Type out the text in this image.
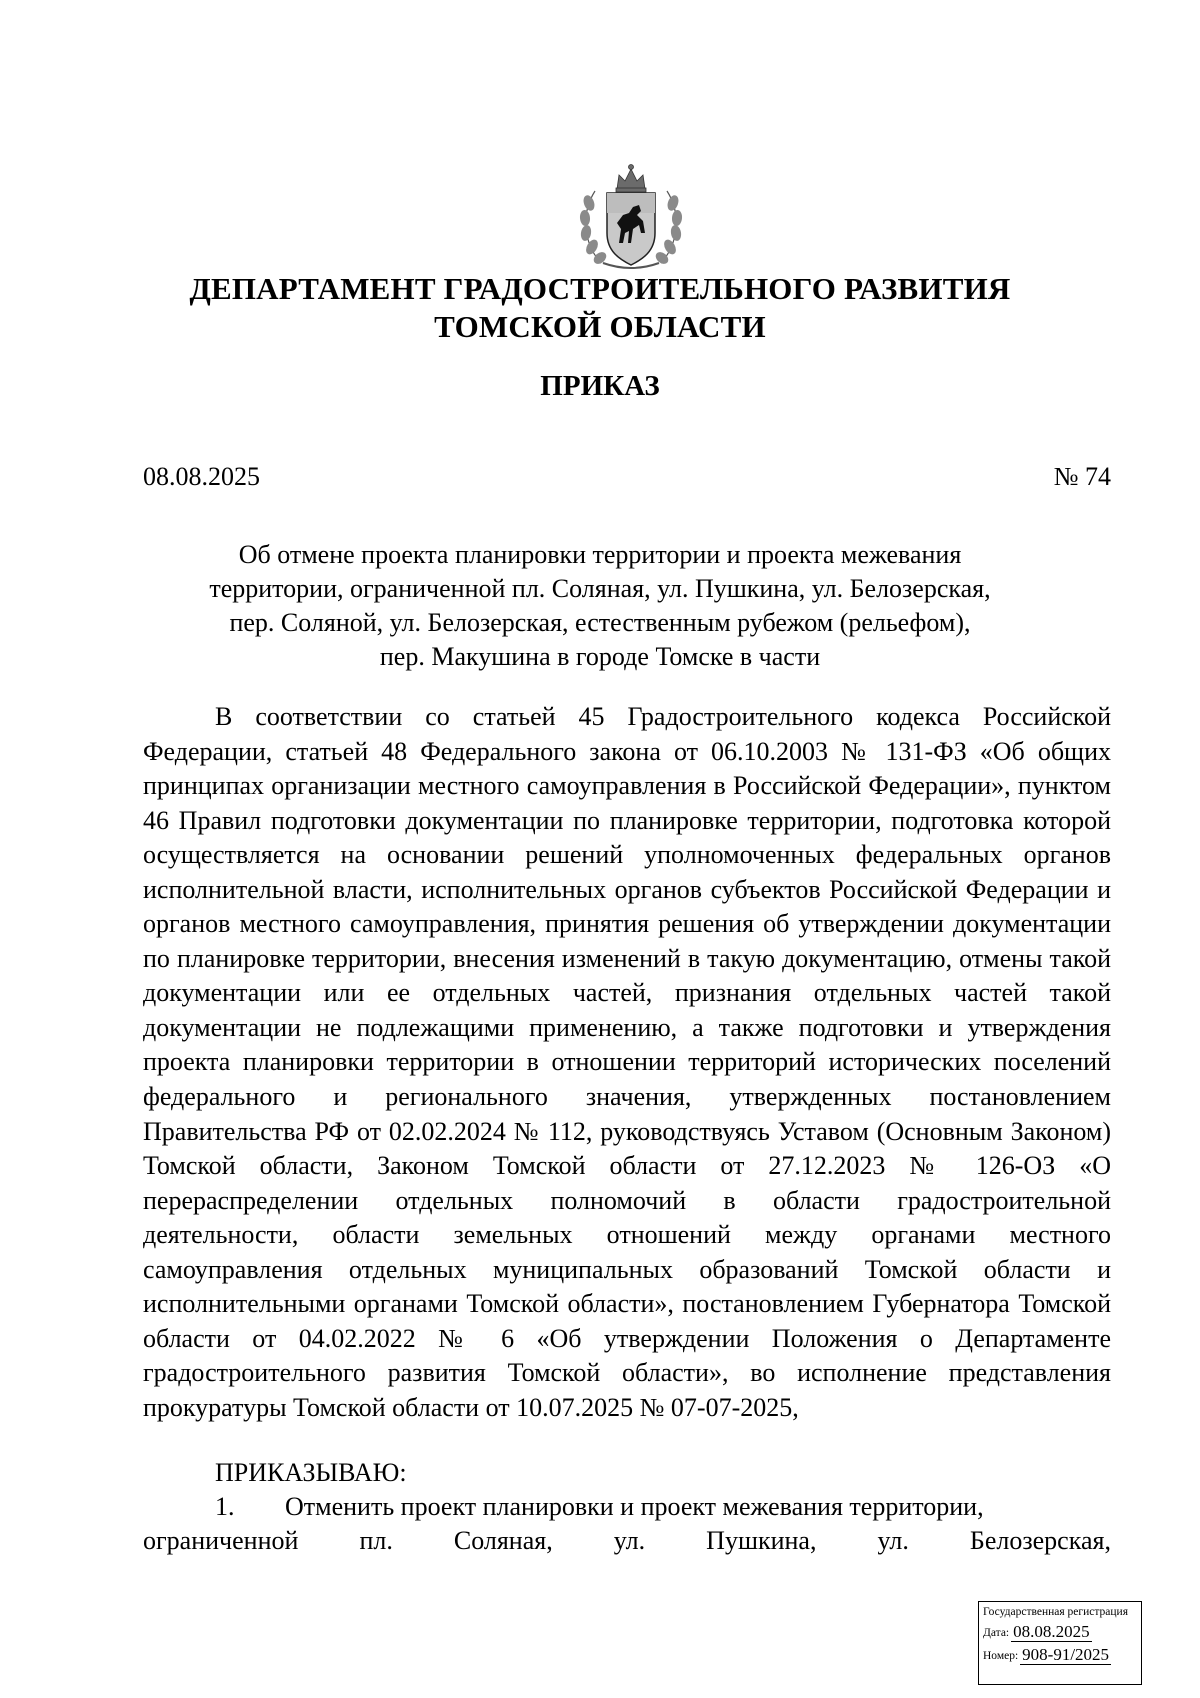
ДЕПАРТАМЕНТ ГРАДОСТРОИТЕЛЬНОГО РАЗВИТИЯ
ТОМСКОЙ ОБЛАСТИ
ПРИКАЗ
08.08.2025	№ 74
Об отмене проекта планировки территории и проекта межевания
территории, ограниченной пл. Соляная, ул. Пушкина, ул. Белозерская,
пер. Соляной, ул. Белозерская, естественным рубежом (рельефом),
пер. Макушина в городе Томске в части

В соответствии со статьей 45 Градостроительного кодекса Российской Федерации, статьей 48 Федерального закона от 06.10.2003 № 131-ФЗ «Об общих принципах организации местного самоуправления в Российской Федерации», пунктом 46 Правил подготовки документации по планировке территории, подготовка которой осуществляется на основании решений уполномоченных федеральных органов исполнительной власти, исполнительных органов субъектов Российской Федерации и органов местного самоуправления, принятия решения об утверждении документации по планировке территории, внесения изменений в такую документацию, отмены такой документации или ее отдельных частей, признания отдельных частей такой документации не подлежащими применению, а также подготовки и утверждения проекта планировки территории в отношении территорий исторических поселений федерального и регионального значения, утвержденных постановлением Правительства РФ от 02.02.2024 № 112, руководствуясь Уставом (Основным Законом) Томской области, Законом Томской области от 27.12.2023 № 126-ОЗ «О перераспределении отдельных полномочий в области градостроительной деятельности, области земельных отношений между органами местного самоуправления отдельных муниципальных образований Томской области и исполнительными органами Томской области», постановлением Губернатора Томской области от 04.02.2022 № 6 «Об утверждении Положения о Департаменте градостроительного развития Томской области», во исполнение представления прокуратуры Томской области от 10.07.2025 № 07-07-2025,

ПРИКАЗЫВАЮ:

1. Отменить проект планировки и проект межевания территории,

ограниченной пл. Соляная, ул. Пушкина, ул. Белозерская,
Государственная регистрация
Дата: 08.08.2025
Номер: 908-91/2025
